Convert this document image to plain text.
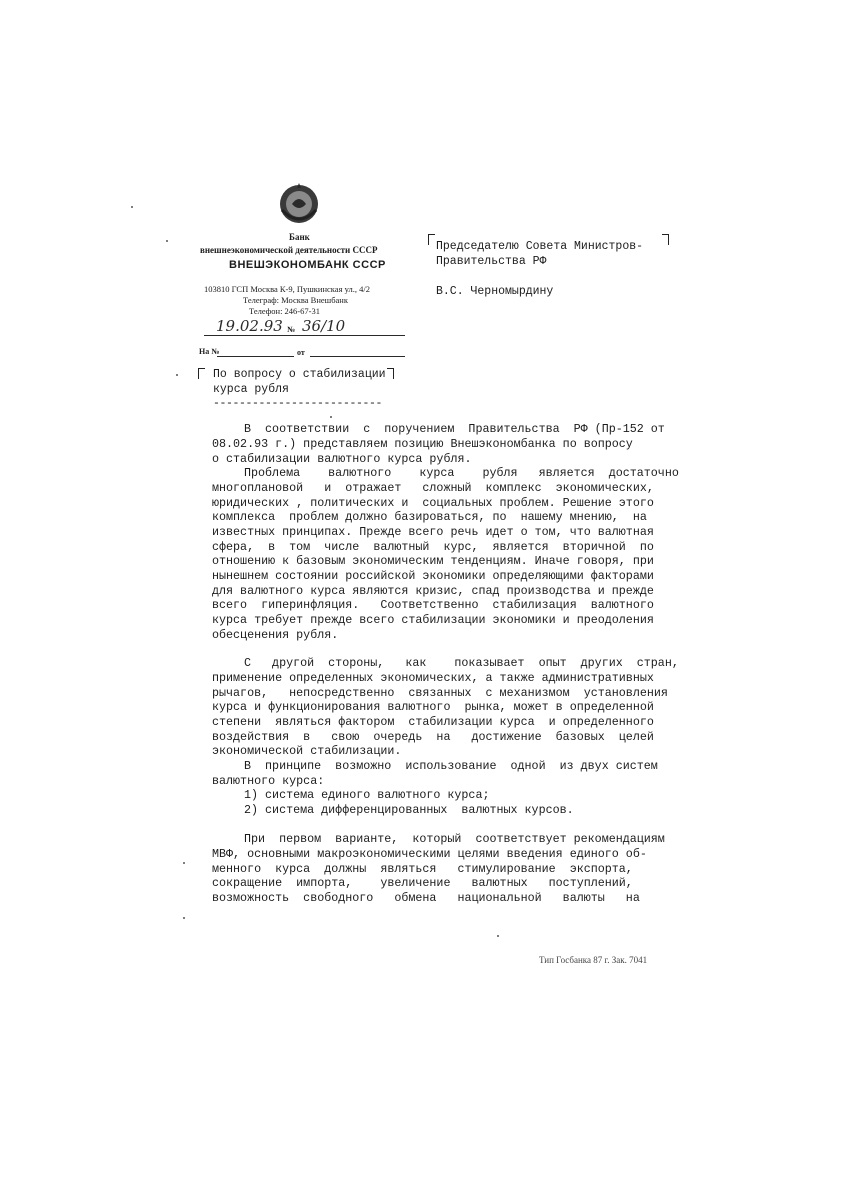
Банк
внешнеэкономической деятельности СССР
ВНЕШЭКОНОМБАНК СССР
103810 ГСП Москва К-9, Пушкинская ул., 4/2
Телеграф: Москва Внешбанк
Телефон: 246-67-31
19.02.93 № 36/10
На №	от
Председателю Совета Министров-
Правительства РФ
В.С. Черномырдину
По вопросу о стабилизации
курса рубля
--------------------------
В  соответствии  с  поручением  Правительства  РФ (Пр-152 от
08.02.93 г.) представляем позицию Внешэкономбанка по вопросу
о стабилизации валютного курса рубля.
Проблема    валютного    курса    рубля   является  достаточно
многоплановой   и  отражает   сложный  комплекс  экономических,
юридических , политических и  социальных проблем. Решение этого
комплекса  проблем должно базироваться, по  нашему мнению,  на
известных принципах. Прежде всего речь идет о том, что валютная
сфера,  в  том  числе  валютный  курс,  является  вторичной  по
отношению к базовым экономическим тенденциям. Иначе говоря, при
нынешнем состоянии российской экономики определяющими факторами
для валютного курса являются кризис, спад производства и прежде
всего  гиперинфляция.   Соответственно  стабилизация  валютного
курса требует прежде всего стабилизации экономики и преодоления
обесценения рубля.
С   другой  стороны,   как    показывает  опыт  других  стран,
применение определенных экономических, а также административных
рычагов,   непосредственно  связанных  с механизмом  установления
курса и функционирования валютного  рынка, может в определенной
степени  являться фактором  стабилизации курса  и определенного
воздействия  в   свою  очередь  на   достижение  базовых  целей
экономической стабилизации.
В  принципе  возможно  использование  одной  из двух систем
валютного курса:
1) система единого валютного курса;
2) система дифференцированных  валютных курсов.
При  первом  варианте,  который  соответствует рекомендациям
МВФ, основными макроэкономическими целями введения единого об-
менного  курса  должны  являться   стимулирование  экспорта,
сокращение  импорта,    увеличение   валютных   поступлений,
возможность  свободного   обмена   национальной   валюты   на
Тип Госбанка 87 г. Зак. 7041
